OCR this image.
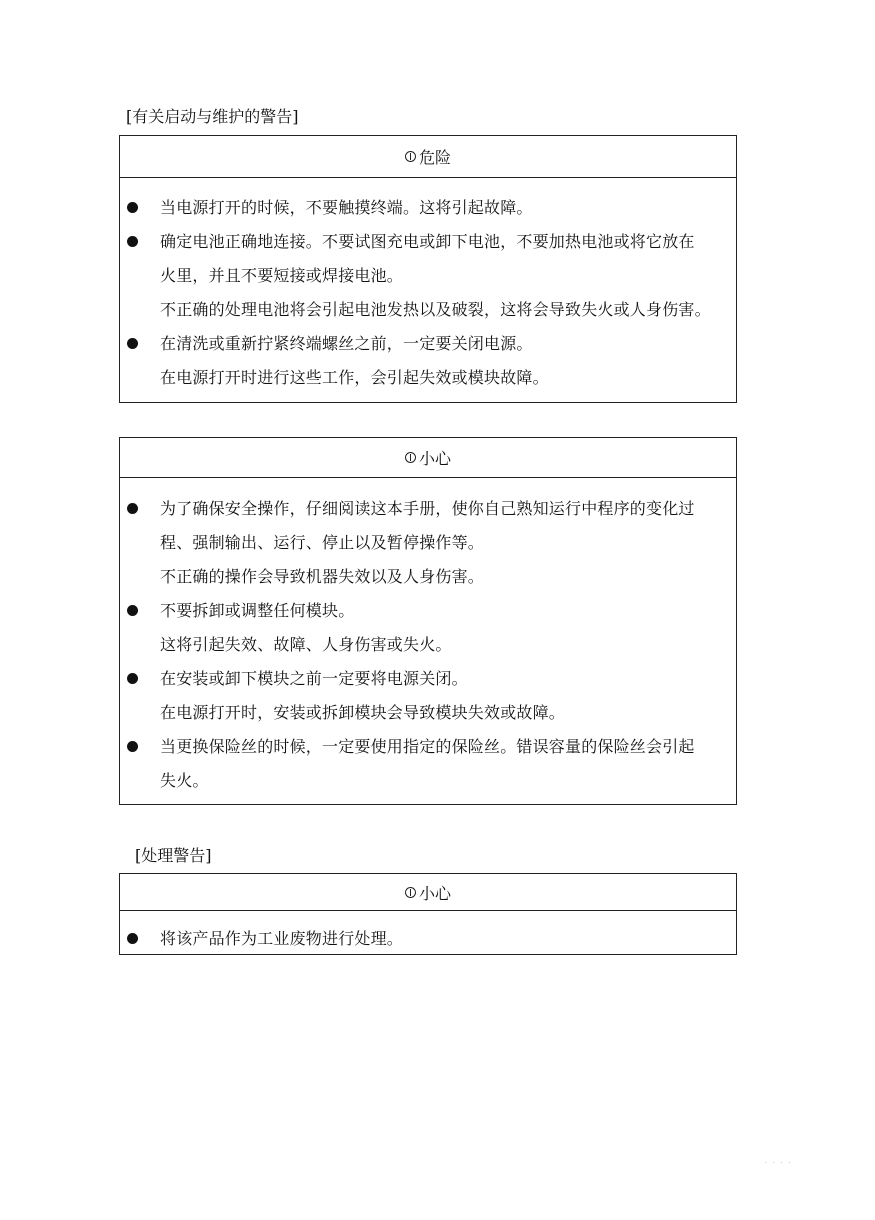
[有关启动与维护的警告]
危险
当电源打开的时候，不要触摸终端。这将引起故障。
确定电池正确地连接。不要试图充电或卸下电池，不要加热电池或将它放在
火里，并且不要短接或焊接电池。
不正确的处理电池将会引起电池发热以及破裂，这将会导致失火或人身伤害。
在清洗或重新拧紧终端螺丝之前，一定要关闭电源。
在电源打开时进行这些工作，会引起失效或模块故障。
小心
为了确保安全操作，仔细阅读这本手册，使你自己熟知运行中程序的变化过
程、强制输出、运行、停止以及暂停操作等。
不正确的操作会导致机器失效以及人身伤害。
不要拆卸或调整任何模块。
这将引起失效、故障、人身伤害或失火。
在安装或卸下模块之前一定要将电源关闭。
在电源打开时，安装或拆卸模块会导致模块失效或故障。
当更换保险丝的时候，一定要使用指定的保险丝。错误容量的保险丝会引起
失火。
[处理警告]
小心
将该产品作为工业废物进行处理。
· · · ·
